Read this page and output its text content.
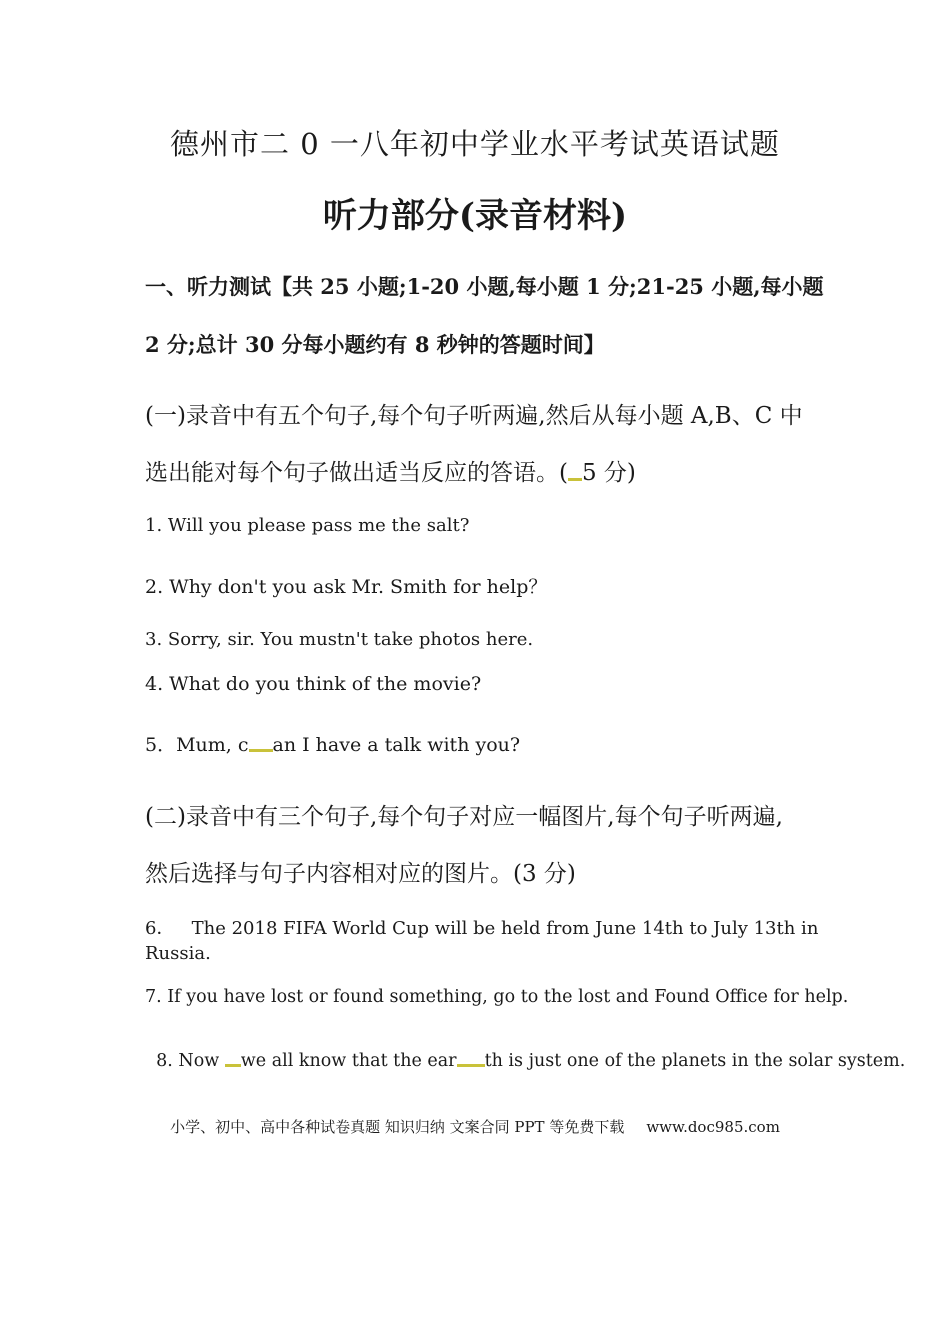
德州市二 0 一八年初中学业水平考试英语试题
听力部分(录音材料)
一、听力测试【共 25 小题;1-20 小题,每小题 1 分;21-25 小题,每小题
2 分;总计 30 分每小题约有 8 秒钟的答题时间】
(一)录音中有五个句子,每个句子听两遍,然后从每小题 A,B、C 中
选出能对每个句子做出适当反应的答语。( 5 分)
1. Will you please pass me the salt?
2. Why don't you ask Mr. Smith for help？
3. Sorry, sir. You mustn't take photos here.
4. What do you think of the movie?
5．Mum, c an I have a talk with you?
(二)录音中有三个句子,每个句子对应一幅图片,每个句子听两遍,
然后选择与句子内容相对应的图片。(3 分)
6．   The 2018 FIFA World Cup will be held from June 14th to July 13th in
Russia.
7. If you have lost or found something, go to the lost and Found Office for help.

8. Now we all know that the ear th is just one of the planets in the solar system.

小学、初中、高中各种试卷真题 知识归纳 文案合同 PPT 等免费下载 www.doc985.com
